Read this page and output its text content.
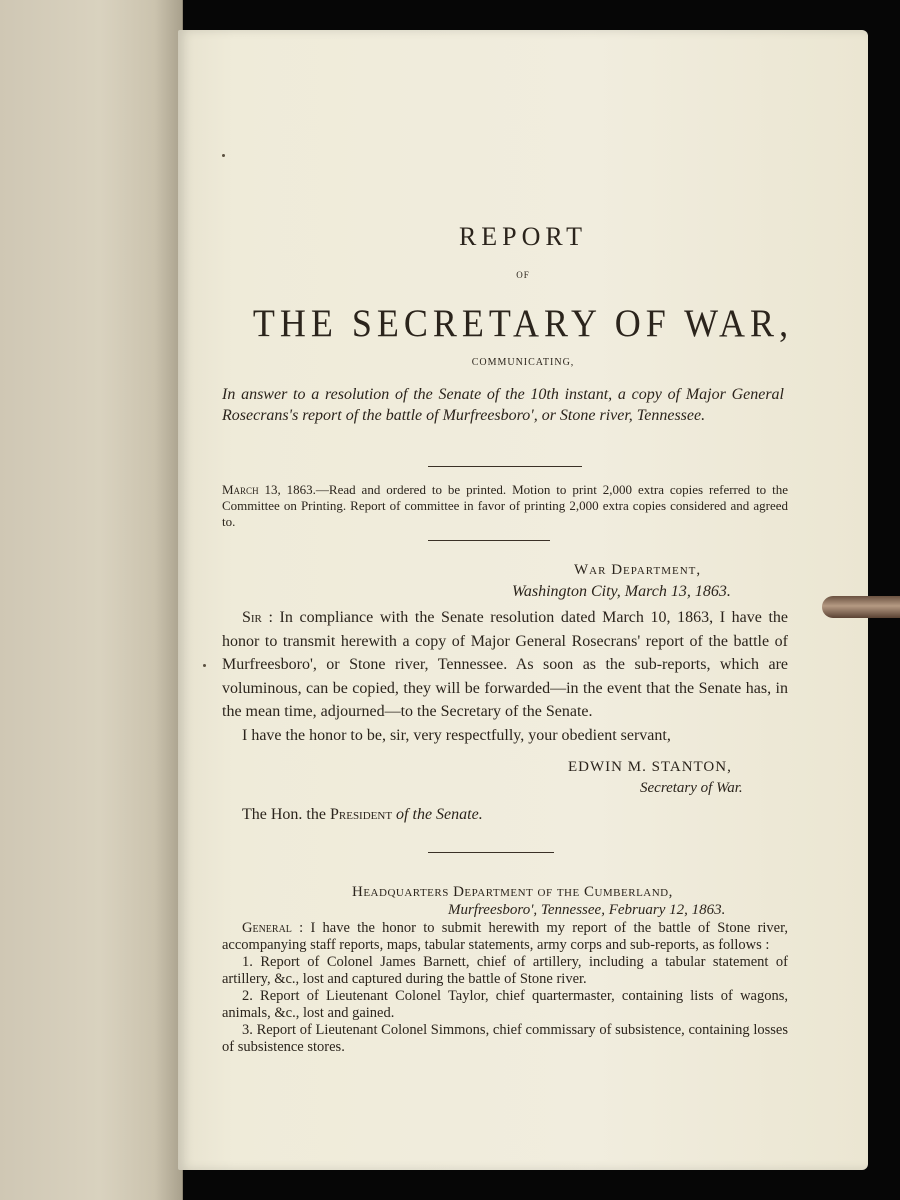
REPORT
OF
THE SECRETARY OF WAR,
COMMUNICATING,
In answer to a resolution of the Senate of the 10th instant, a copy of Major General Rosecrans's report of the battle of Murfreesboro', or Stone river, Tennessee.
March 13, 1863.—Read and ordered to be printed. Motion to print 2,000 extra copies referred to the Committee on Printing. Report of committee in favor of printing 2,000 extra copies considered and agreed to.
War Department,
Washington City, March 13, 1863.

Sir : In compliance with the Senate resolution dated March 10, 1863, I have the honor to transmit herewith a copy of Major General Rosecrans' report of the battle of Murfreesboro', or Stone river, Tennessee. As soon as the sub-reports, which are voluminous, can be copied, they will be forwarded—in the event that the Senate has, in the mean time, adjourned—to the Secretary of the Senate.

I have the honor to be, sir, very respectfully, your obedient servant,

EDWIN M. STANTON,
Secretary of War.
The Hon. the President of the Senate.
Headquarters Department of the Cumberland,
Murfreesboro', Tennessee, February 12, 1863.

General : I have the honor to submit herewith my report of the battle of Stone river, accompanying staff reports, maps, tabular statements, army corps and sub-reports, as follows :

1. Report of Colonel James Barnett, chief of artillery, including a tabular statement of artillery, &c., lost and captured during the battle of Stone river.

2. Report of Lieutenant Colonel Taylor, chief quartermaster, containing lists of wagons, animals, &c., lost and gained.

3. Report of Lieutenant Colonel Simmons, chief commissary of subsistence, containing losses of subsistence stores.
